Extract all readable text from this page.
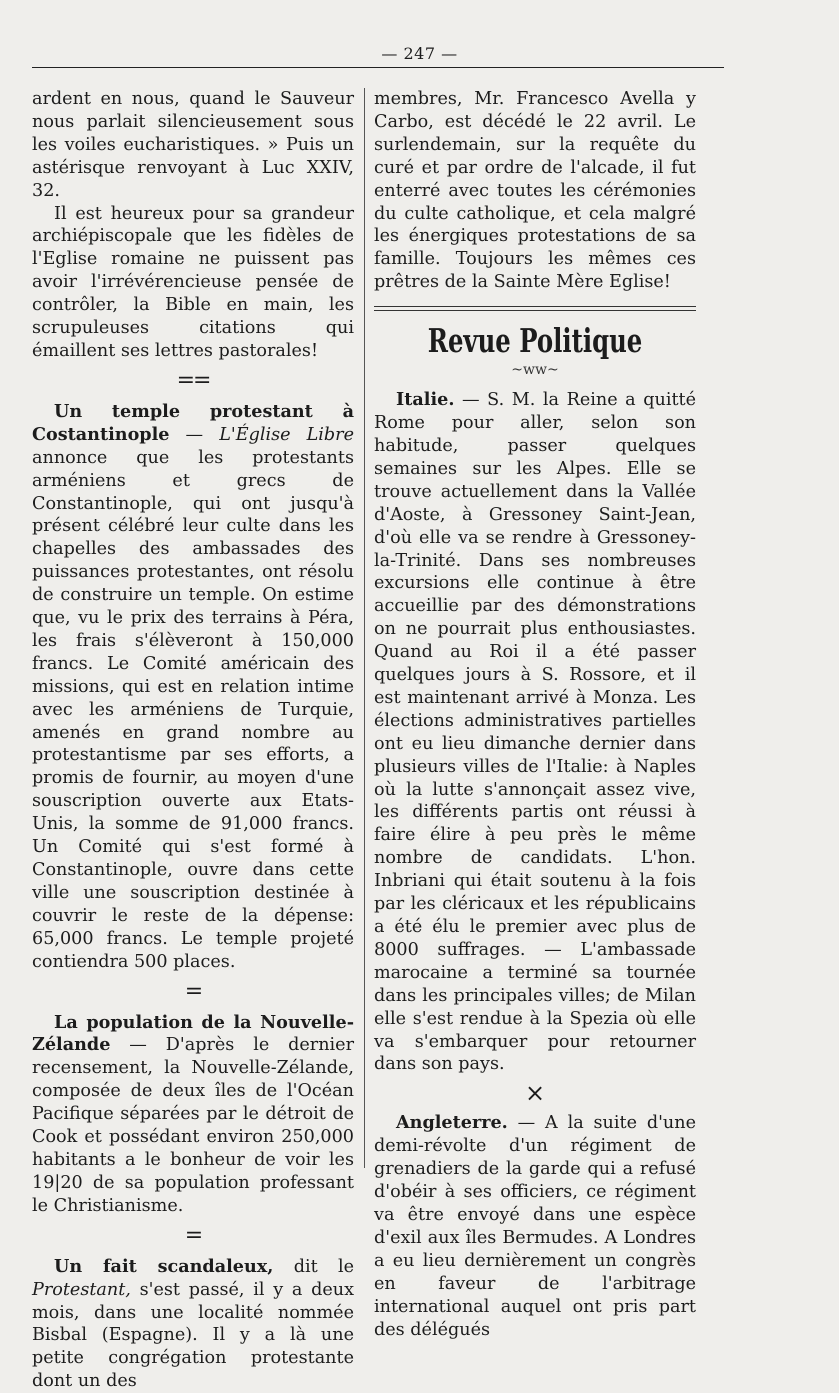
— 247 —

ardent en nous, quand le Sauveur nous parlait silencieusement sous les voiles eucharistiques. » Puis un astérisque renvoyant à Luc XXIV, 32.

Il est heureux pour sa grandeur archiépiscopale que les fidèles de l'Eglise romaine ne puissent pas avoir l'irrévérencieuse pensée de contrôler, la Bible en main, les scrupuleuses citations qui émaillent ses lettres pastorales!

==

Un temple protestant à Costantinople — L'Église Libre annonce que les protestants arméniens et grecs de Constantinople, qui ont jusqu'à présent célébré leur culte dans les chapelles des ambassades des puissances protestantes, ont résolu de construire un temple. On estime que, vu le prix des terrains à Péra, les frais s'élèveront à 150,000 francs. Le Comité américain des missions, qui est en relation intime avec les arméniens de Turquie, amenés en grand nombre au protestantisme par ses efforts, a promis de fournir, au moyen d'une souscription ouverte aux Etats-Unis, la somme de 91,000 francs. Un Comité qui s'est formé à Constantinople, ouvre dans cette ville une souscription destinée à couvrir le reste de la dépense: 65,000 francs. Le temple projeté contiendra 500 places.

=

La population de la Nouvelle-Zélande — D'après le dernier recensement, la Nouvelle-Zélande, composée de deux îles de l'Océan Pacifique séparées par le détroit de Cook et possédant environ 250,000 habitants a le bonheur de voir les 19|20 de sa population professant le Christianisme.

=

Un fait scandaleux, dit le Protestant, s'est passé, il y a deux mois, dans une localité nommée Bisbal (Espagne). Il y a là une petite congrégation protestante dont un des

membres, Mr. Francesco Avella y Carbo, est décédé le 22 avril. Le surlendemain, sur la requête du curé et par ordre de l'alcade, il fut enterré avec toutes les cérémonies du culte catholique, et cela malgré les énergiques protestations de sa famille. Toujours les mêmes ces prêtres de la Sainte Mère Eglise!

Revue Politique
~ww~

Italie. — S. M. la Reine a quitté Rome pour aller, selon son habitude, passer quelques semaines sur les Alpes. Elle se trouve actuellement dans la Vallée d'Aoste, à Gressoney Saint-Jean, d'où elle va se rendre à Gressoney-la-Trinité. Dans ses nombreuses excursions elle continue à être accueillie par des démonstrations on ne pourrait plus enthousiastes. Quand au Roi il a été passer quelques jours à S. Rossore, et il est maintenant arrivé à Monza. Les élections administratives partielles ont eu lieu dimanche dernier dans plusieurs villes de l'Italie: à Naples où la lutte s'annonçait assez vive, les différents partis ont réussi à faire élire à peu près le même nombre de candidats. L'hon. Inbriani qui était soutenu à la fois par les cléricaux et les républicains a été élu le premier avec plus de 8000 suffrages. — L'ambassade marocaine a terminé sa tournée dans les principales villes; de Milan elle s'est rendue à la Spezia où elle va s'embarquer pour retourner dans son pays.

×

Angleterre. — A la suite d'une demi-révolte d'un régiment de grenadiers de la garde qui a refusé d'obéir à ses officiers, ce régiment va être envoyé dans une espèce d'exil aux îles Bermudes. A Londres a eu lieu dernièrement un congrès en faveur de l'arbitrage international auquel ont pris part des délégués
